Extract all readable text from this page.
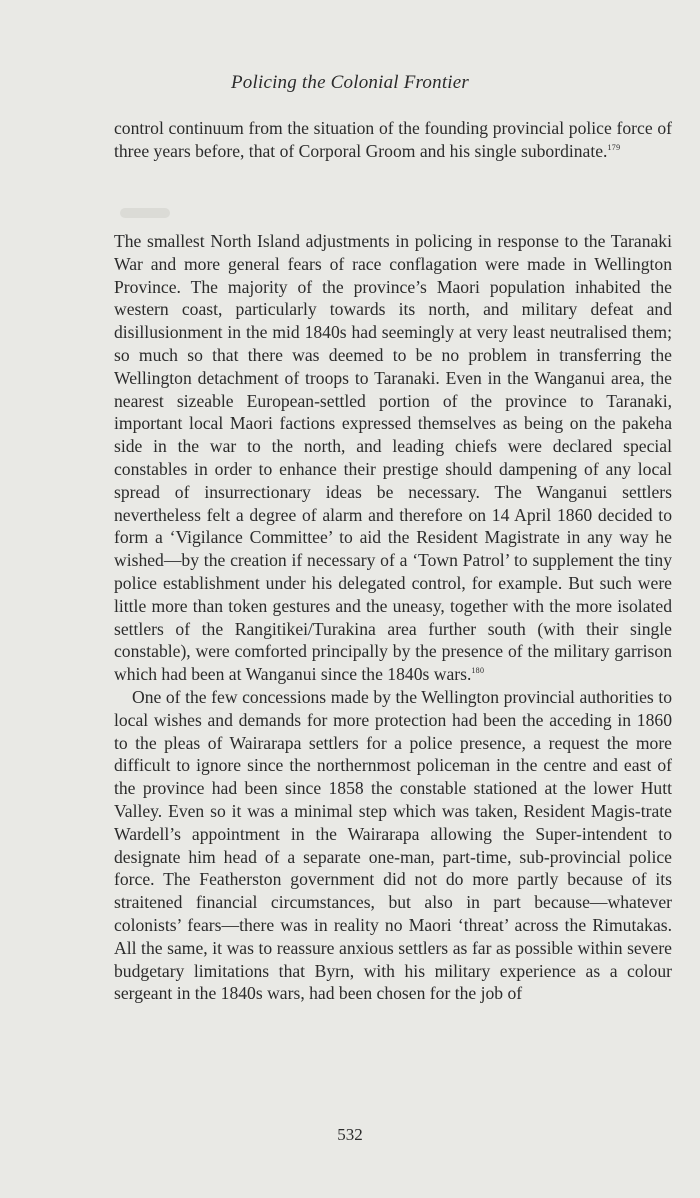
Policing the Colonial Frontier

control continuum from the situation of the founding provincial police force of three years before, that of Corporal Groom and his single subordinate.$^{179}$

The smallest North Island adjustments in policing in response to the Taranaki War and more general fears of race conflagation were made in Wellington Province. The majority of the province’s Maori population inhabited the western coast, particularly towards its north, and military defeat and disillusionment in the mid 1840s had seemingly at very least neutralised them; so much so that there was deemed to be no problem in transferring the Wellington detachment of troops to Taranaki. Even in the Wanganui area, the nearest sizeable European-settled portion of the province to Taranaki, important local Maori factions expressed themselves as being on the pakeha side in the war to the north, and leading chiefs were declared special constables in order to enhance their prestige should dampening of any local spread of insurrectionary ideas be necessary. The Wanganui settlers nevertheless felt a degree of alarm and therefore on 14 April 1860 decided to form a ‘Vigilance Committee’ to aid the Resident Magistrate in any way he wished—by the creation if necessary of a ‘Town Patrol’ to supplement the tiny police establishment under his delegated control, for example. But such were little more than token gestures and the uneasy, together with the more isolated settlers of the Rangitikei/Turakina area further south (with their single constable), were comforted principally by the presence of the military garrison which had been at Wanganui since the 1840s wars.$^{180}$

One of the few concessions made by the Wellington provincial authorities to local wishes and demands for more protection had been the acceding in 1860 to the pleas of Wairarapa settlers for a police presence, a request the more difficult to ignore since the northernmost policeman in the centre and east of the province had been since 1858 the constable stationed at the lower Hutt Valley. Even so it was a minimal step which was taken, Resident Magis-trate Wardell’s appointment in the Wairarapa allowing the Super-intendent to designate him head of a separate one-man, part-time, sub-provincial police force. The Featherston government did not do more partly because of its straitened financial circumstances, but also in part because—whatever colonists’ fears—there was in reality no Maori ‘threat’ across the Rimutakas. All the same, it was to reassure anxious settlers as far as possible within severe budgetary limitations that Byrn, with his military experience as a colour sergeant in the 1840s wars, had been chosen for the job of

532
